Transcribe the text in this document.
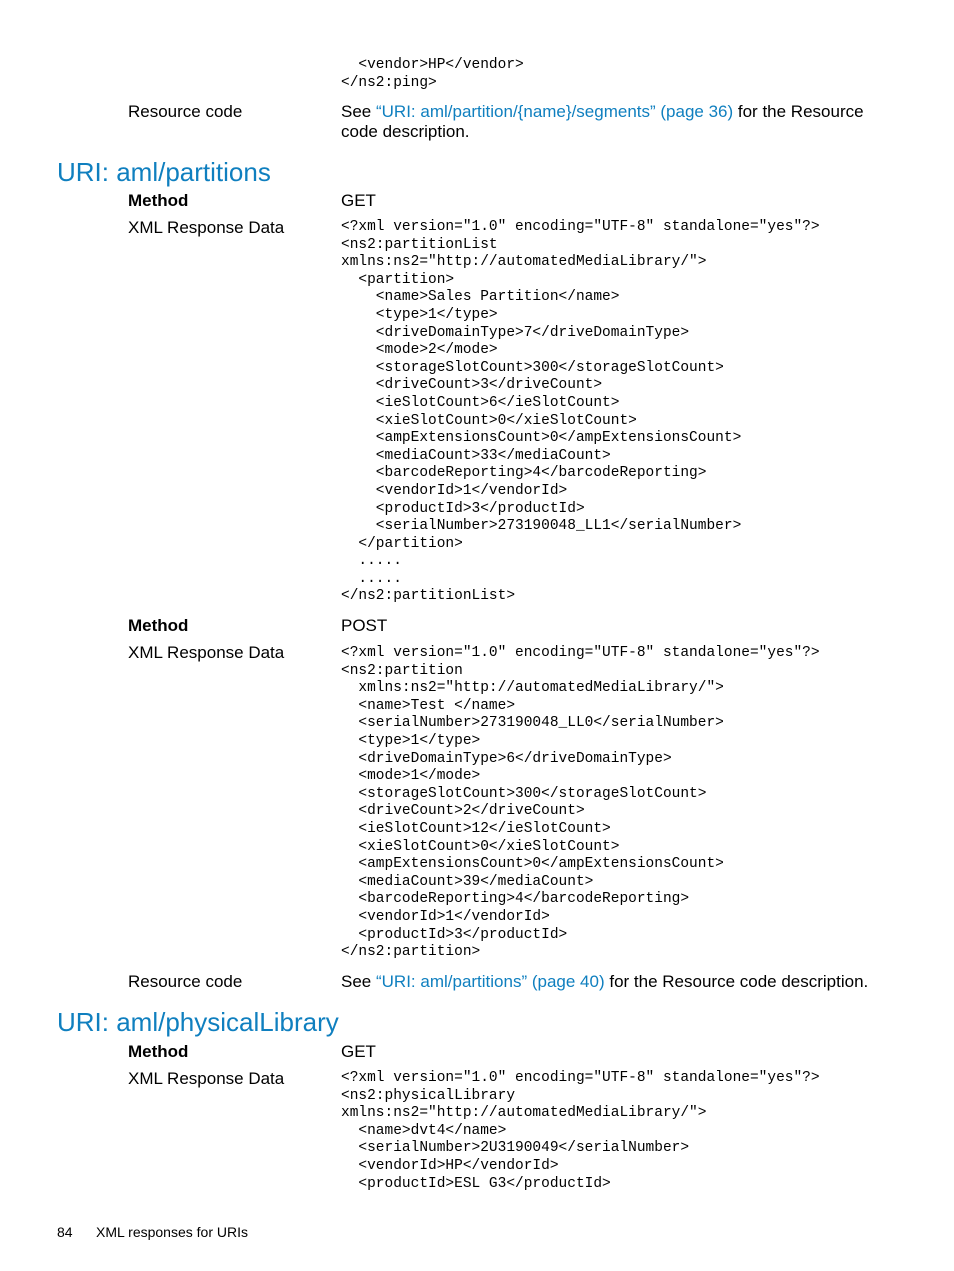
<vendor>HP</vendor>
</ns2:ping>
Resource code	See “URI: aml/partition/{name}/segments” (page 36) for the Resource code description.
URI: aml/partitions
Method	GET
XML Response Data	<?xml version="1.0" encoding="UTF-8" standalone="yes"?>
<ns2:partitionList
xmlns:ns2="http://automatedMediaLibrary/">
<partition>
<name>Sales Partition</name>
<type>1</type>
<driveDomainType>7</driveDomainType>
<mode>2</mode>
<storageSlotCount>300</storageSlotCount>
<driveCount>3</driveCount>
<ieSlotCount>6</ieSlotCount>
<xieSlotCount>0</xieSlotCount>
<ampExtensionsCount>0</ampExtensionsCount>
<mediaCount>33</mediaCount>
<barcodeReporting>4</barcodeReporting>
<vendorId>1</vendorId>
<productId>3</productId>
<serialNumber>273190048_LL1</serialNumber>
</partition>
.....
.....
</ns2:partitionList>
Method	POST
XML Response Data	<?xml version="1.0" encoding="UTF-8" standalone="yes"?>
<ns2:partition
xmlns:ns2="http://automatedMediaLibrary/">
<name>Test </name>
<serialNumber>273190048_LL0</serialNumber>
<type>1</type>
<driveDomainType>6</driveDomainType>
<mode>1</mode>
<storageSlotCount>300</storageSlotCount>
<driveCount>2</driveCount>
<ieSlotCount>12</ieSlotCount>
<xieSlotCount>0</xieSlotCount>
<ampExtensionsCount>0</ampExtensionsCount>
<mediaCount>39</mediaCount>
<barcodeReporting>4</barcodeReporting>
<vendorId>1</vendorId>
<productId>3</productId>
</ns2:partition>
Resource code	See “URI: aml/partitions” (page 40) for the Resource code description.
URI: aml/physicalLibrary
Method	GET
XML Response Data	<?xml version="1.0" encoding="UTF-8" standalone="yes"?>
<ns2:physicalLibrary
xmlns:ns2="http://automatedMediaLibrary/">
<name>dvt4</name>
<serialNumber>2U3190049</serialNumber>
<vendorId>HP</vendorId>
<productId>ESL G3</productId>
84 XML responses for URIs
